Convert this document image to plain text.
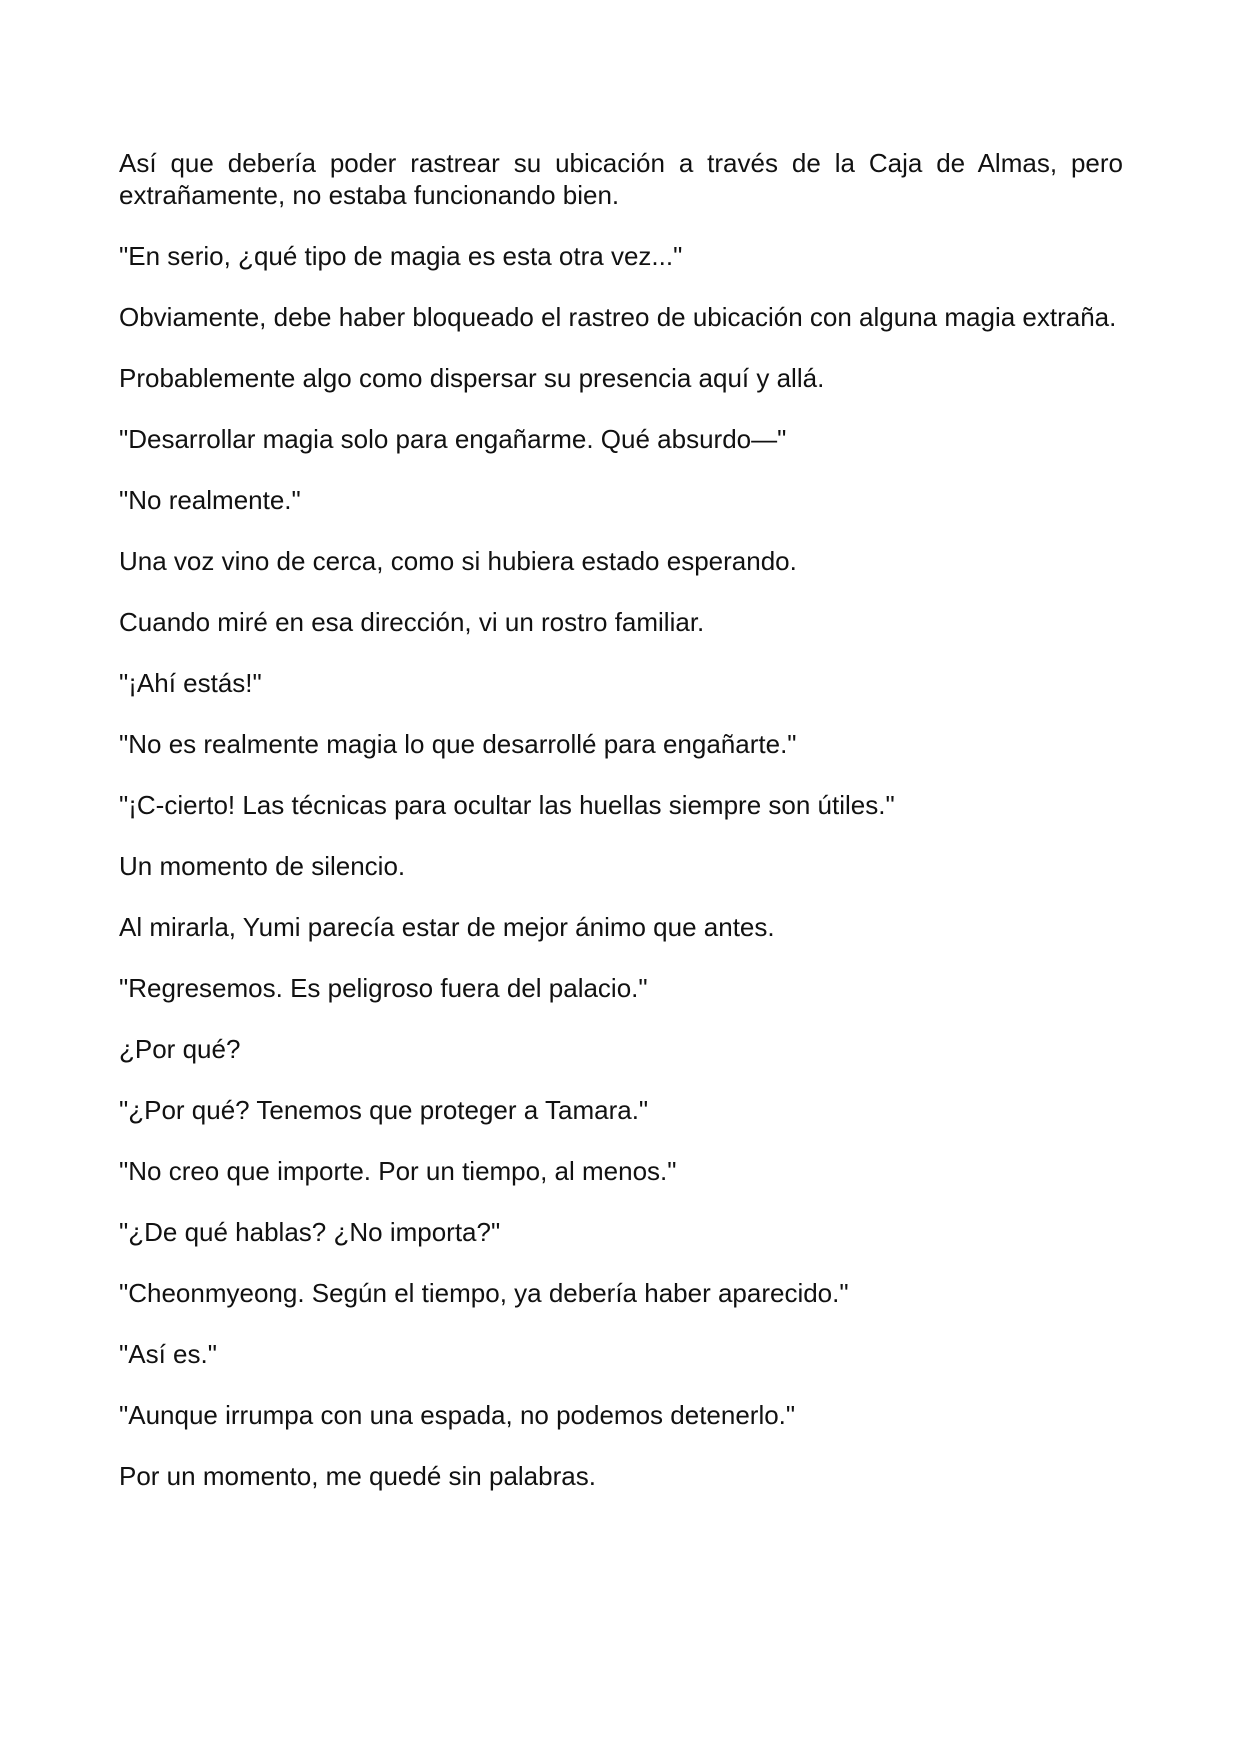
Así que debería poder rastrear su ubicación a través de la Caja de Almas, pero extrañamente, no estaba funcionando bien.

"En serio, ¿qué tipo de magia es esta otra vez..."

Obviamente, debe haber bloqueado el rastreo de ubicación con alguna magia extraña.

Probablemente algo como dispersar su presencia aquí y allá.

"Desarrollar magia solo para engañarme. Qué absurdo—"

"No realmente."

Una voz vino de cerca, como si hubiera estado esperando.

Cuando miré en esa dirección, vi un rostro familiar.

"¡Ahí estás!"

"No es realmente magia lo que desarrollé para engañarte."

"¡C-cierto! Las técnicas para ocultar las huellas siempre son útiles."

Un momento de silencio.

Al mirarla, Yumi parecía estar de mejor ánimo que antes.

"Regresemos. Es peligroso fuera del palacio."

¿Por qué?

"¿Por qué? Tenemos que proteger a Tamara."

"No creo que importe. Por un tiempo, al menos."

"¿De qué hablas? ¿No importa?"

"Cheonmyeong. Según el tiempo, ya debería haber aparecido."

"Así es."

"Aunque irrumpa con una espada, no podemos detenerlo."

Por un momento, me quedé sin palabras.
